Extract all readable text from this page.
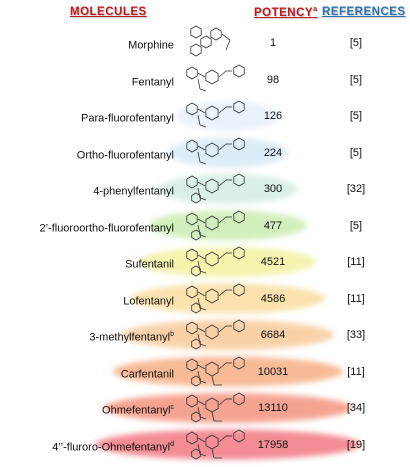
MOLECULES	POTENCY$^a$ REFERENCES
Morphine	1	[5]
Fentanyl	98	[5]
Para-fluorofentanyl	126	[5]
Ortho-fluorofentanyl	224	[5]
4-phenylfentanyl	300	[32]
2’-fluoroortho-fluorofentanyl	477	[5]
Sufentanil	4521	[11]
Lofentanyl	4586	[11]
3-methylfentanyl$^b$	6684	[33]
Carfentanil	10031	[11]
Ohmefentanyl$^c$	13110	[34]
4’’-fluroro-Ohmefentanyl$^d$	17958	[19]
